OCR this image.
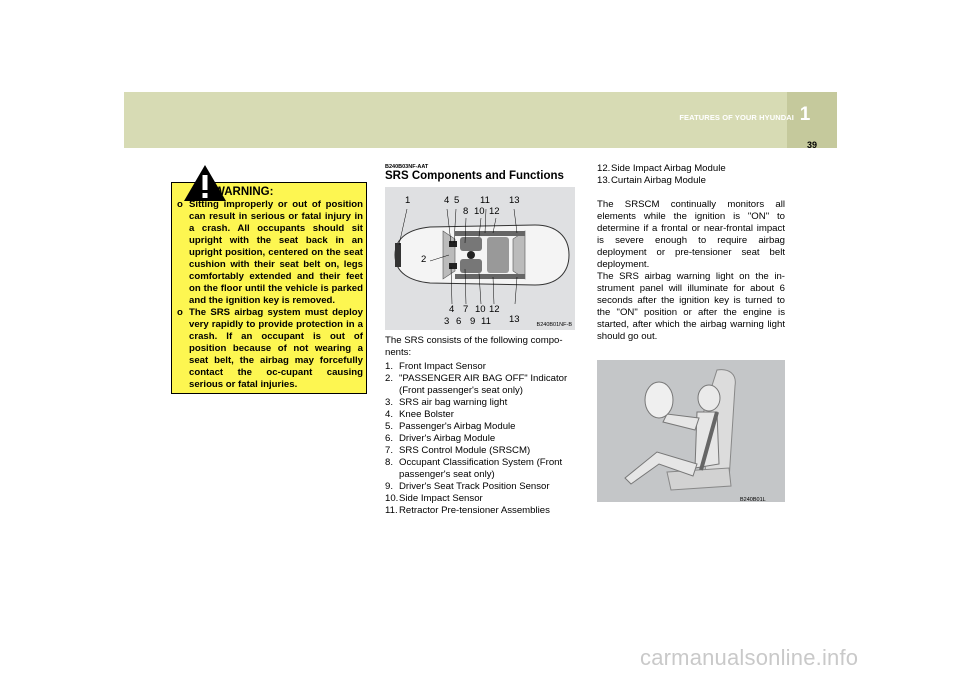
FEATURES OF YOUR HYUNDAI 1
39
WARNING:
o Sitting improperly or out of position can result in serious or fatal injury in a crash. All occupants should sit upright with the seat back in an upright position, centered on the seat cushion with their seat belt on, legs comfortably extended and their feet on the floor until the vehicle is parked and the ignition key is removed.
o The SRS airbag system must deploy very rapidly to provide protection in a crash. If an occupant is out of position because of not wearing a seat belt, the airbag may forcefully contact the oc-cupant causing serious or fatal injuries.
B240B03NF-AAT
SRS Components and Functions
1
2
4 5 11 13
8 10 12
4 7 10 12
13
3 6 9 11	B240B01NF-B
The SRS consists of the following compo-nents:
1. Front Impact Sensor
2. "PASSENGER AIR BAG OFF" Indicator (Front passenger's seat only)
3. SRS air bag warning light
4. Knee Bolster
5. Passenger's Airbag Module
6. Driver's Airbag Module
7. SRS Control Module (SRSCM)
8. Occupant Classification System (Front passenger's seat only)
9. Driver's Seat Track Position Sensor
10. Side Impact Sensor
11. Retractor Pre-tensioner Assemblies
12. Side Impact Airbag Module
13. Curtain Airbag Module
The SRSCM continually monitors all elements while the ignition is "ON" to determine if a frontal or near-frontal impact is severe enough to require airbag deployment or pre-tensioner seat belt deployment.
The SRS airbag warning light on the in-strument panel will illuminate for about 6 seconds after the ignition key is turned to the "ON" position or after the engine is started, after which the airbag warning light should go out.
B240B01L
carmanualsonline.info
